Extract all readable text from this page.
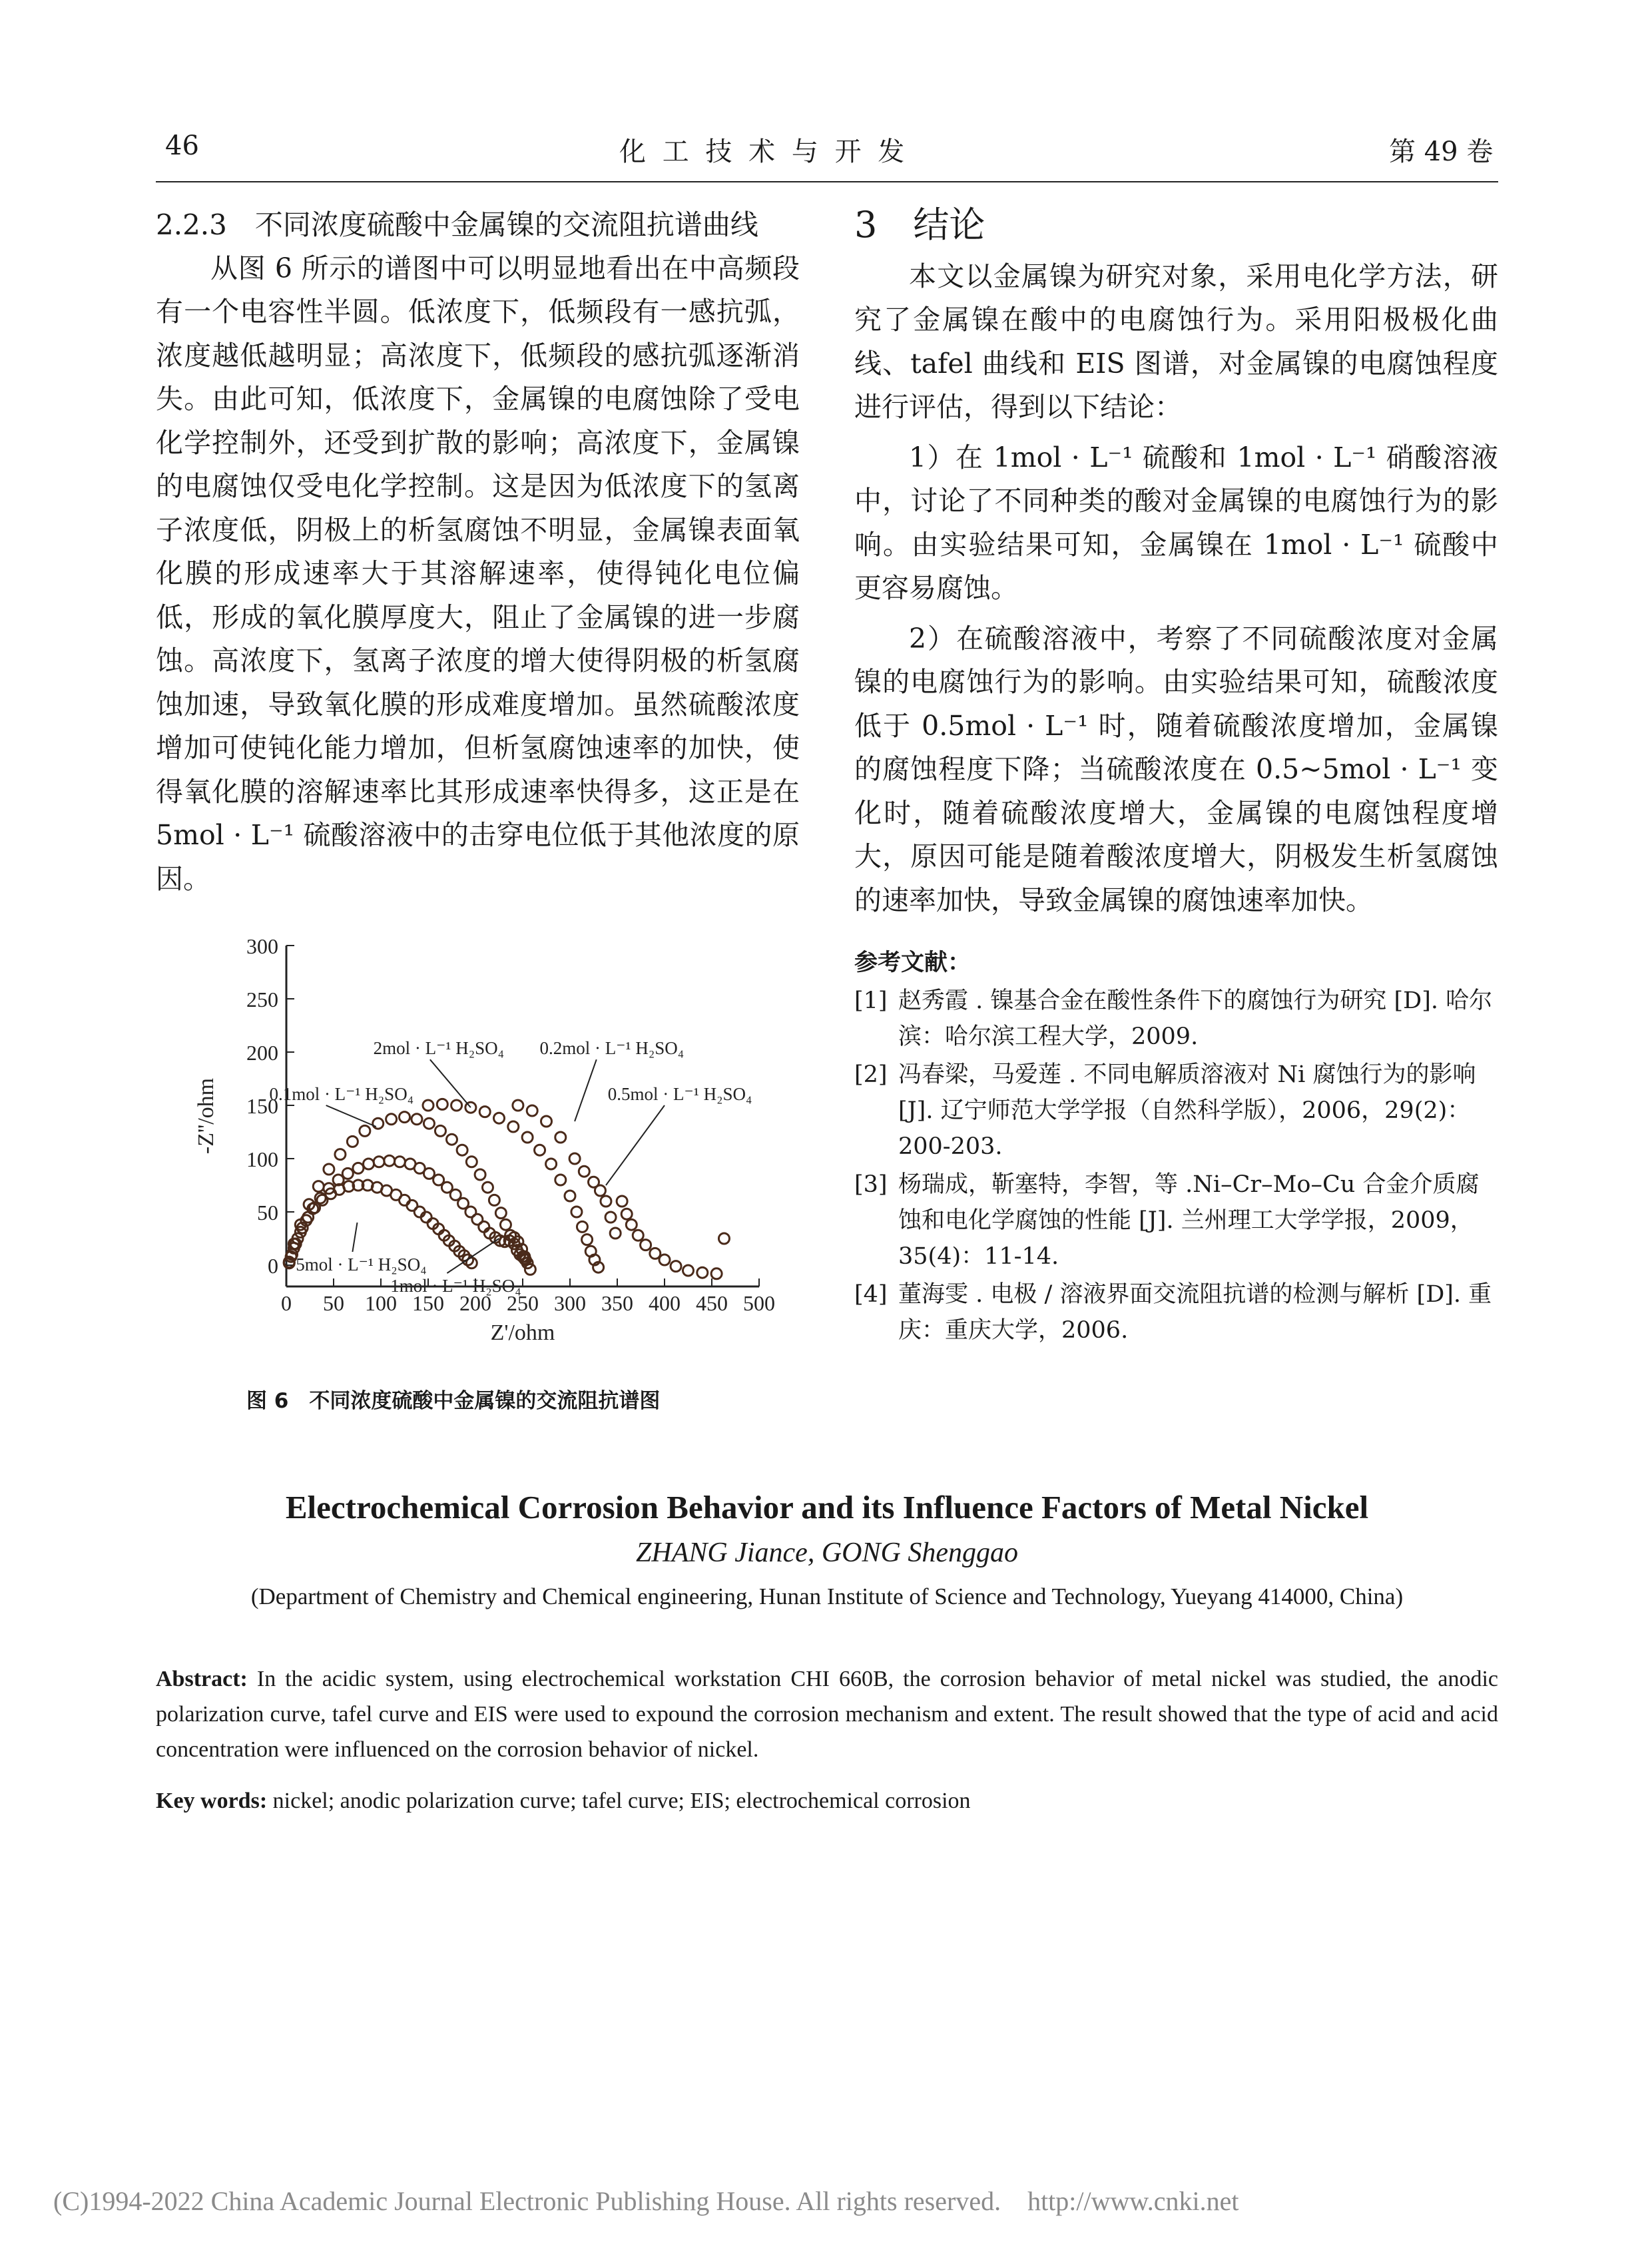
46	化 工 技 术 与 开 发	第 49 卷

2.2.3　不同浓度硫酸中金属镍的交流阻抗谱曲线

从图 6 所示的谱图中可以明显地看出在中高频段有一个电容性半圆。低浓度下，低频段有一感抗弧，浓度越低越明显；高浓度下，低频段的感抗弧逐渐消失。由此可知，低浓度下，金属镍的电腐蚀除了受电化学控制外，还受到扩散的影响；高浓度下，金属镍的电腐蚀仅受电化学控制。这是因为低浓度下的氢离子浓度低，阴极上的析氢腐蚀不明显，金属镍表面氧化膜的形成速率大于其溶解速率，使得钝化电位偏低，形成的氧化膜厚度大，阻止了金属镍的进一步腐蚀。高浓度下，氢离子浓度的增大使得阴极的析氢腐蚀加速，导致氧化膜的形成难度增加。虽然硫酸浓度增加可使钝化能力增加，但析氢腐蚀速率的加快，使得氧化膜的溶解速率比其形成速率快得多，这正是在 5mol · L⁻¹ 硫酸溶液中的击穿电位低于其他浓度的原因。

0
50
100
150
200
250
300
0 50 100 150 200 250 300 350 400 450 500
Z'/ohm
-Z''/ohm
5mol · L⁻¹ H₂SO₄
1mol · L⁻¹ H₂SO₄
0.1mol · L⁻¹ H₂SO₄
2mol · L⁻¹ H₂SO₄ 0.2mol · L⁻¹ H₂SO₄
0.5mol · L⁻¹ H₂SO₄
图 6　不同浓度硫酸中金属镍的交流阻抗谱图

3　结论

本文以金属镍为研究对象，采用电化学方法，研究了金属镍在酸中的电腐蚀行为。采用阳极极化曲线、tafel 曲线和 EIS 图谱，对金属镍的电腐蚀程度进行评估，得到以下结论：

1）在 1mol · L⁻¹ 硫酸和 1mol · L⁻¹ 硝酸溶液中，讨论了不同种类的酸对金属镍的电腐蚀行为的影响。由实验结果可知，金属镍在 1mol · L⁻¹ 硫酸中更容易腐蚀。

2）在硫酸溶液中，考察了不同硫酸浓度对金属镍的电腐蚀行为的影响。由实验结果可知，硫酸浓度低于 0.5mol · L⁻¹ 时，随着硫酸浓度增加，金属镍的腐蚀程度下降；当硫酸浓度在 0.5~5mol · L⁻¹ 变化时，随着硫酸浓度增大，金属镍的电腐蚀程度增大，原因可能是随着酸浓度增大，阴极发生析氢腐蚀的速率加快，导致金属镍的腐蚀速率加快。

参考文献：
[1] 赵秀霞 . 镍基合金在酸性条件下的腐蚀行为研究 [D]. 哈尔滨：哈尔滨工程大学，2009.
[2] 冯春梁，马爱莲 . 不同电解质溶液对 Ni 腐蚀行为的影响 [J]. 辽宁师范大学学报（自然科学版），2006，29(2)：200-203.
[3] 杨瑞成，靳塞特，李智，等 .Ni–Cr–Mo–Cu 合金介质腐蚀和电化学腐蚀的性能 [J]. 兰州理工大学学报，2009，35(4)：11-14.
[4] 董海雯 . 电极 / 溶液界面交流阻抗谱的检测与解析 [D]. 重庆：重庆大学，2006.
Electrochemical Corrosion Behavior and its Influence Factors of Metal Nickel
ZHANG Jiance, GONG Shenggao
(Department of Chemistry and Chemical engineering, Hunan Institute of Science and Technology, Yueyang 414000, China)
Abstract: In the acidic system, using electrochemical workstation CHI 660B, the corrosion behavior of metal nickel was studied, the anodic polarization curve, tafel curve and EIS were used to expound the corrosion mechanism and extent. The result showed that the type of acid and acid concentration were influenced on the corrosion behavior of nickel.
Key words: nickel; anodic polarization curve; tafel curve; EIS; electrochemical corrosion
(C)1994-2022 China Academic Journal Electronic Publishing House. All rights reserved.    http://www.cnki.net
